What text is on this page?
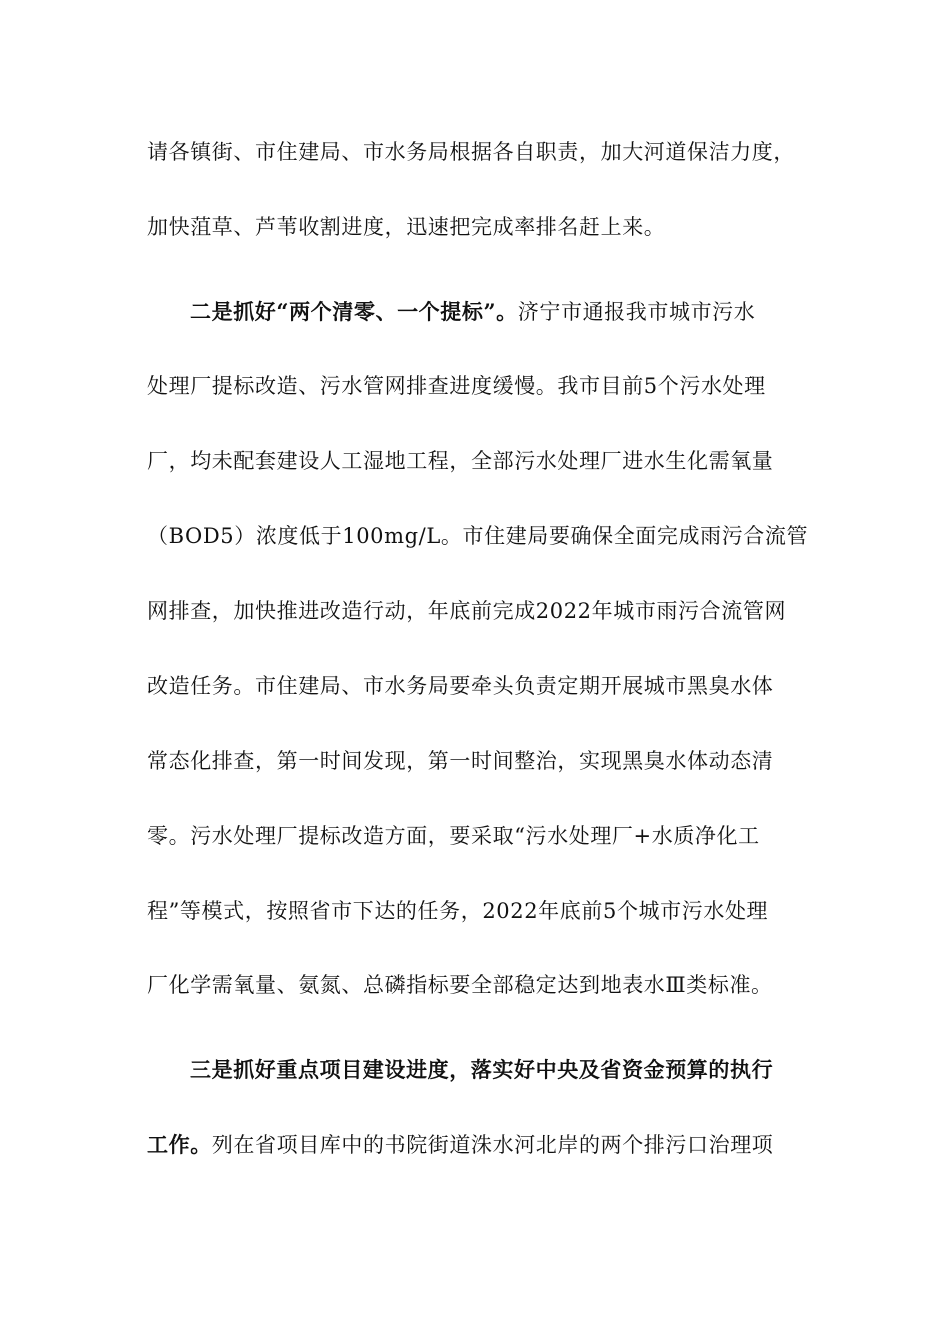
请各镇街、市住建局、市水务局根据各自职责，加大河道保洁力度，
加快菹草、芦苇收割进度，迅速把完成率排名赶上来。
二是抓好“两个清零、一个提标”。济宁市通报我市城市污水
处理厂提标改造、污水管网排查进度缓慢。我市目前5个污水处理
厂，均未配套建设人工湿地工程，全部污水处理厂进水生化需氧量
（BOD5）浓度低于100mg/L。市住建局要确保全面完成雨污合流管
网排查，加快推进改造行动，年底前完成2022年城市雨污合流管网
改造任务。市住建局、市水务局要牵头负责定期开展城市黑臭水体
常态化排查，第一时间发现，第一时间整治，实现黑臭水体动态清
零。污水处理厂提标改造方面，要采取“污水处理厂+水质净化工
程”等模式，按照省市下达的任务，2022年底前5个城市污水处理
厂化学需氧量、氨氮、总磷指标要全部稳定达到地表水Ⅲ类标准。
三是抓好重点项目建设进度，落实好中央及省资金预算的执行
工作。列在省项目库中的书院街道洙水河北岸的两个排污口治理项
